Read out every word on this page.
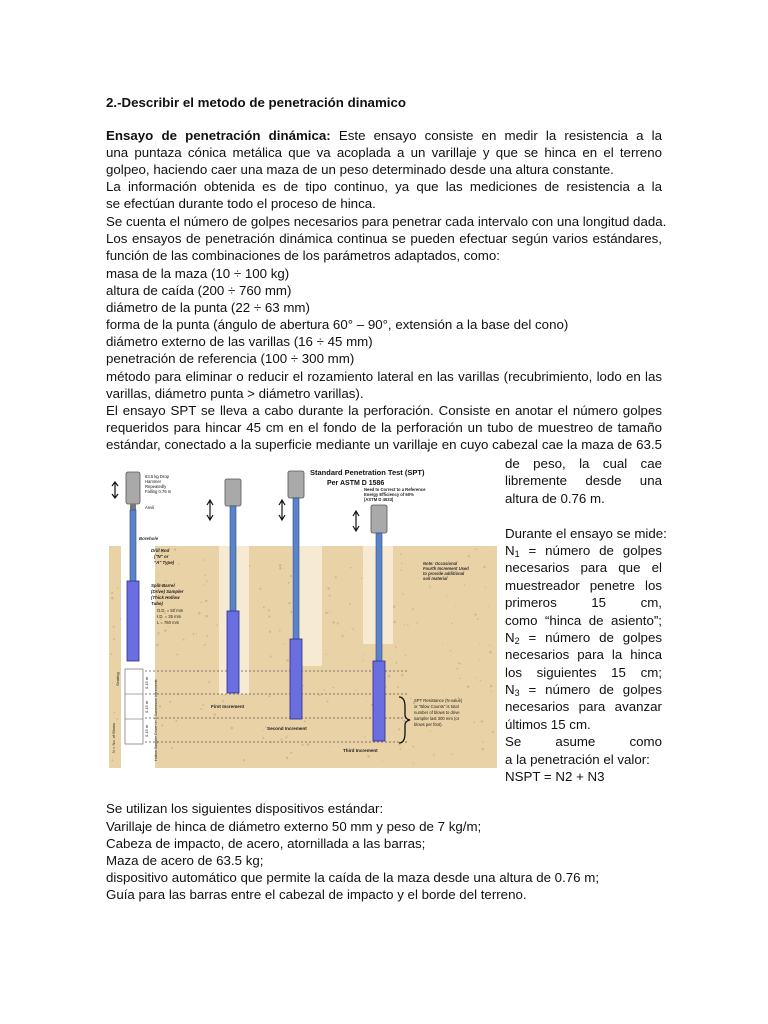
2.-Describir el metodo de penetración dinamico
Ensayo de penetración dinámica: Este ensayo consiste en medir la resistencia a la
una puntaza cónica metálica que va acoplada a un varillaje y que se hinca en el terreno
golpeo, haciendo caer una maza de un peso determinado desde una altura constante.
La información obtenida es de tipo continuo, ya que las mediciones de resistencia a la
se efectúan durante todo el proceso de hinca.
Se cuenta el número de golpes necesarios para penetrar cada intervalo con una longitud dada.
Los ensayos de penetración dinámica continua se pueden efectuar según varios estándares,
función de las combinaciones de los parámetros adaptados, como:
masa de la maza (10 ÷ 100 kg)
altura de caída (200 ÷ 760 mm)
diámetro de la punta (22 ÷ 63 mm)
forma de la punta (ángulo de abertura 60° – 90°, extensión a la base del cono)
diámetro externo de las varillas (16 ÷ 45 mm)
penetración de referencia (100 ÷ 300 mm)
método para eliminar o reducir el rozamiento lateral en las varillas (recubrimiento, lodo en las
varillas, diámetro punta > diámetro varillas).
El ensayo SPT se lleva a cabo durante la perforación. Consiste en anotar el número golpes
requeridos para hincar 45 cm en el fondo de la perforación un tubo de muestreo de tamaño
estándar, conectado a la superficie mediante un varillaje en cuyo cabezal cae la maza de 63.5
de peso, la cual cae
libremente desde una
altura de 0.76 m.
Durante el ensayo se mide:
$N_1$ = número de golpes
necesarios para que el
muestreador penetre los
primeros 15 cm,
como “hinca de asiento”;
$N_2$ = número de golpes
necesarios para la hinca
los siguientes 15 cm;
$N_3$ = número de golpes
necesarios para avanzar
últimos 15 cm.
Se asume como
a la penetración el valor:
NSPT = N2 + N3
Standard Penetration Test (SPT)
Per ASTM D 1586
63.5 kg Drop
Hammer
Repeatedly
Falling 0.76 m
Anvil
Borehole
Drill Rod
("N" or
"A" Type)
Split-Barrel
(Drive) Sampler
(Thick Hollow
Tube)
O.D. = 50 mm
I.D. = 35 mm
L = 760 mm
Need to Correct to a Reference
Energy Efficiency of 60%
(ASTM D 4633)
Note: Occasional
Fourth Increment Used
to provide additional
soil material
First Increment
Second Increment
Third Increment
SPT Resistance (N-value)
or "Blow Counts" is total
number of blows to drive
sampler last 300 mm (or
blows per foot).
Seating	0.15 m
0.15 m
0.15 m
N = No. of Blows	Hollow Sampler Driven In 3 Successive Increments
Se utilizan los siguientes dispositivos estándar:
Varillaje de hinca de diámetro externo 50 mm y peso de 7 kg/m;
Cabeza de impacto, de acero, atornillada a las barras;
Maza de acero de 63.5 kg;
dispositivo automático que permite la caída de la maza desde una altura de 0.76 m;
Guía para las barras entre el cabezal de impacto y el borde del terreno.
